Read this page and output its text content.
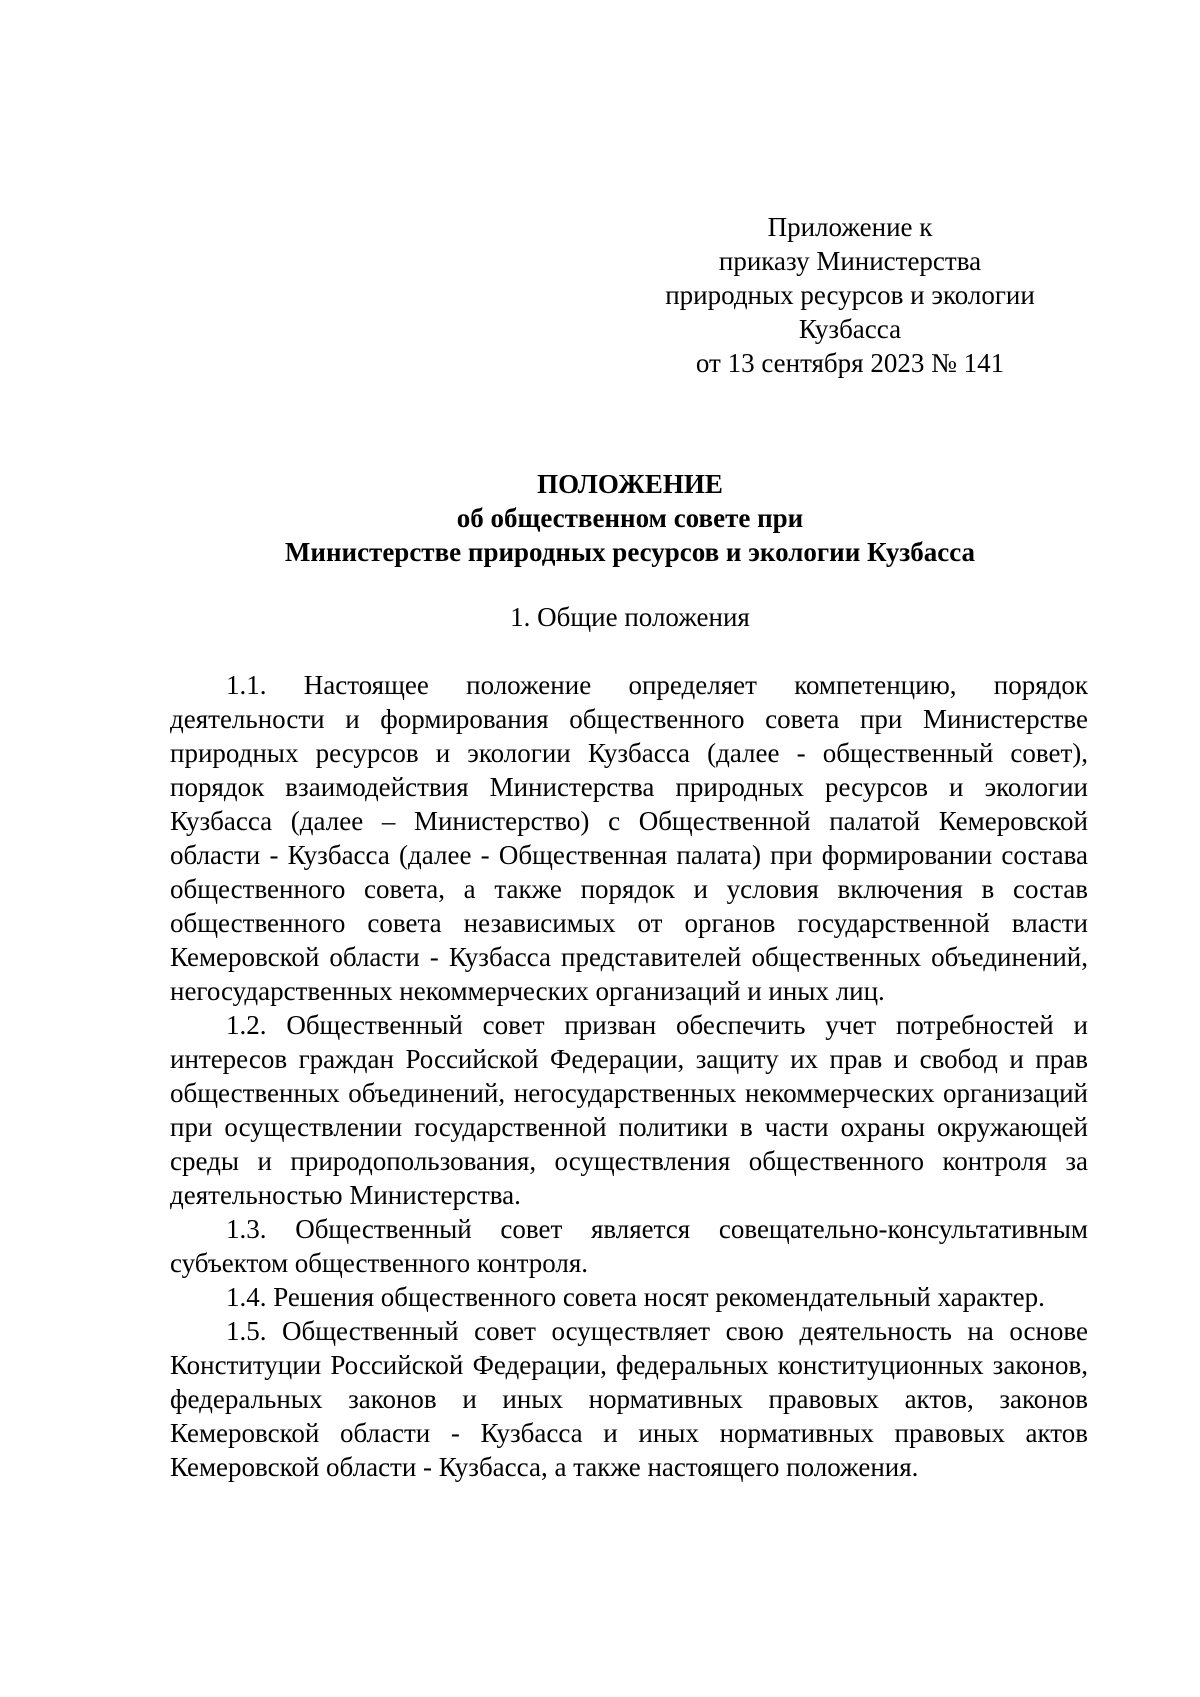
Приложение к
приказу Министерства
природных ресурсов и экологии
Кузбасса
от 13 сентября 2023 № 141
ПОЛОЖЕНИЕ
об общественном совете при
Министерстве природных ресурсов и экологии Кузбасса
1. Общие положения

1.1. Настоящее положение определяет компетенцию, порядок деятельности и формирования общественного совета при Министерстве природных ресурсов и экологии Кузбасса (далее - общественный совет), порядок взаимодействия Министерства природных ресурсов и экологии Кузбасса (далее – Министерство) с Общественной палатой Кемеровской области - Кузбасса (далее - Общественная палата) при формировании состава общественного совета, а также порядок и условия включения в состав общественного совета независимых от органов государственной власти Кемеровской области - Кузбасса представителей общественных объединений, негосударственных некоммерческих организаций и иных лиц.

1.2. Общественный совет призван обеспечить учет потребностей и интересов граждан Российской Федерации, защиту их прав и свобод и прав общественных объединений, негосударственных некоммерческих организаций при осуществлении государственной политики в части охраны окружающей среды и природопользования, осуществления общественного контроля за деятельностью Министерства.

1.3. Общественный совет является совещательно-консультативным субъектом общественного контроля.

1.4. Решения общественного совета носят рекомендательный характер.

1.5. Общественный совет осуществляет свою деятельность на основе Конституции Российской Федерации, федеральных конституционных законов, федеральных законов и иных нормативных правовых актов, законов Кемеровской области - Кузбасса и иных нормативных правовых актов Кемеровской области - Кузбасса, а также настоящего положения.
